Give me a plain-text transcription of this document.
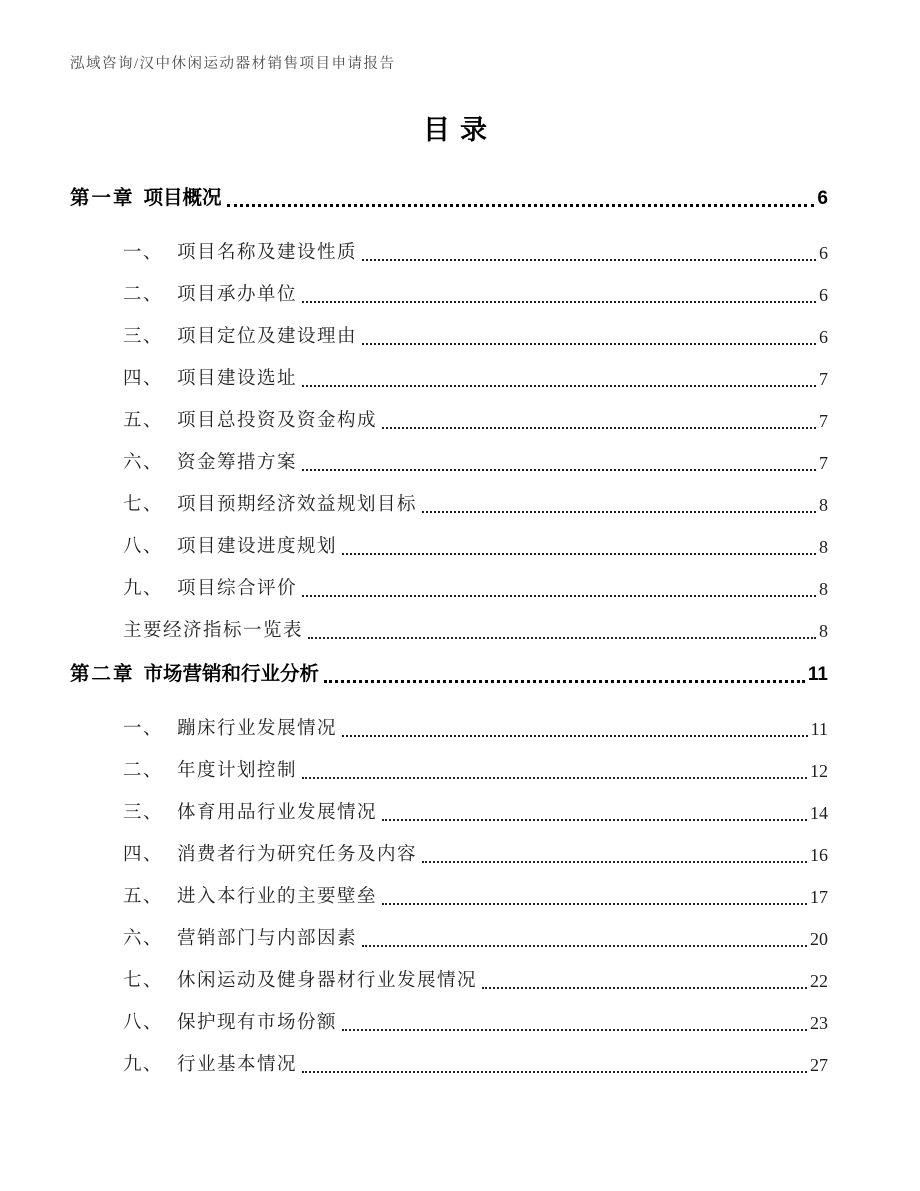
泓域咨询/汉中休闲运动器材销售项目申请报告
目录
第一章 项目概况	6
一、 项目名称及建设性质	6
二、 项目承办单位	6
三、 项目定位及建设理由	6
四、 项目建设选址	7
五、 项目总投资及资金构成	7
六、 资金筹措方案	7
七、 项目预期经济效益规划目标	8
八、 项目建设进度规划	8
九、 项目综合评价	8
主要经济指标一览表	8
第二章 市场营销和行业分析	11
一、 蹦床行业发展情况	11
二、 年度计划控制	12
三、 体育用品行业发展情况	14
四、 消费者行为研究任务及内容	16
五、 进入本行业的主要壁垒	17
六、 营销部门与内部因素	20
七、 休闲运动及健身器材行业发展情况	22
八、 保护现有市场份额	23
九、 行业基本情况	27
